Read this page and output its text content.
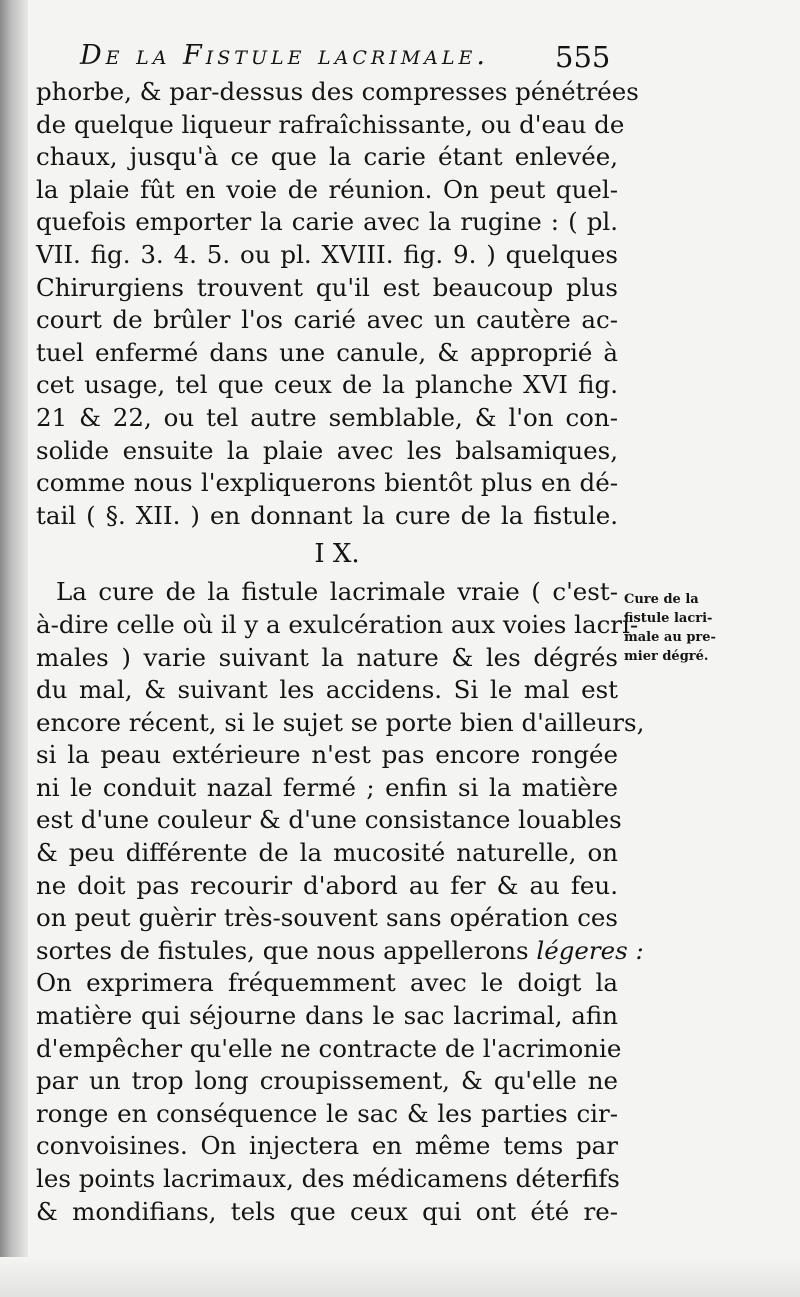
De la Fistule lacrimale. 555
phorbe, & par-dessus des compresses pénétrées
de quelque liqueur rafraîchissante, ou d'eau de
chaux, jusqu'à ce que la carie étant enlevée,
la plaie fût en voie de réunion. On peut quel-
quefois emporter la carie avec la rugine : ( pl.
VII. fig. 3. 4. 5. ou pl. XVIII. fig. 9. ) quelques
Chirurgiens trouvent qu'il est beaucoup plus
court de brûler l'os carié avec un cautère ac-
tuel enfermé dans une canule, & approprié à
cet usage, tel que ceux de la planche XVI fig.
21 & 22, ou tel autre semblable, & l'on con-
solide ensuite la plaie avec les balsamiques,
comme nous l'expliquerons bientôt plus en dé-
tail ( §. XII. ) en donnant la cure de la fistule.
I X.
La cure de la fistule lacrimale vraie ( c'est-
à-dire celle où il y a exulcération aux voies lacri-
males ) varie suivant la nature & les dégrés
du mal, & suivant les accidens. Si le mal est
encore récent, si le sujet se porte bien d'ailleurs,
si la peau extérieure n'est pas encore rongée
ni le conduit nazal fermé ; enfin si la matière
est d'une couleur & d'une consistance louables
& peu différente de la mucosité naturelle, on
ne doit pas recourir d'abord au fer & au feu.
on peut guèrir très-souvent sans opération ces
sortes de fistules, que nous appellerons légeres :
On exprimera fréquemment avec le doigt la
matière qui séjourne dans le sac lacrimal, afin
d'empêcher qu'elle ne contracte de l'acrimonie
par un trop long croupissement, & qu'elle ne
ronge en conséquence le sac & les parties cir-
convoisines. On injectera en même tems par
les points lacrimaux, des médicamens déterfifs
& mondifians, tels que ceux qui ont été re-
Cure de la
fistule lacri-
male au pre-
mier dégré.
